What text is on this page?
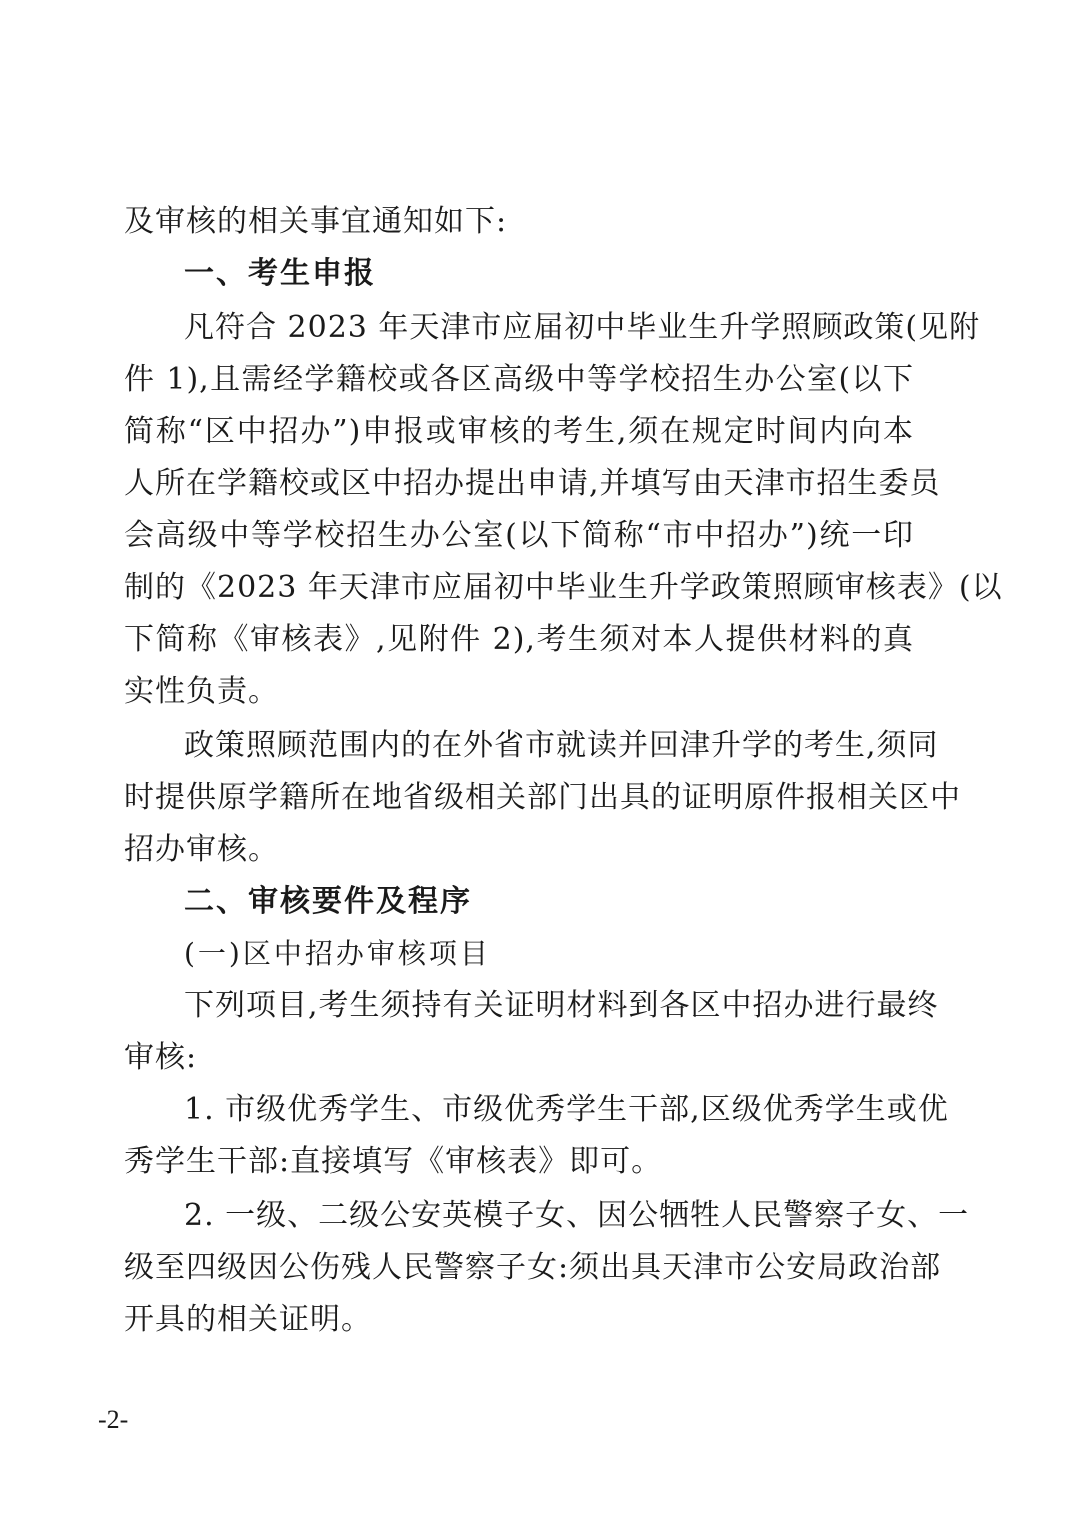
及审核的相关事宜通知如下:
一、考生申报
凡符合 2023 年天津市应届初中毕业生升学照顾政策(见附
件 1),且需经学籍校或各区高级中等学校招生办公室(以下
简称“区中招办”)申报或审核的考生,须在规定时间内向本
人所在学籍校或区中招办提出申请,并填写由天津市招生委员
会高级中等学校招生办公室(以下简称“市中招办”)统一印
制的《2023 年天津市应届初中毕业生升学政策照顾审核表》(以
下简称《审核表》,见附件 2),考生须对本人提供材料的真
实性负责。
政策照顾范围内的在外省市就读并回津升学的考生,须同
时提供原学籍所在地省级相关部门出具的证明原件报相关区中
招办审核。
二、审核要件及程序
(一)区中招办审核项目
下列项目,考生须持有关证明材料到各区中招办进行最终
审核:
1. 市级优秀学生、市级优秀学生干部,区级优秀学生或优
秀学生干部:直接填写《审核表》即可。
2. 一级、二级公安英模子女、因公牺牲人民警察子女、一
级至四级因公伤残人民警察子女:须出具天津市公安局政治部
开具的相关证明。
-2-
